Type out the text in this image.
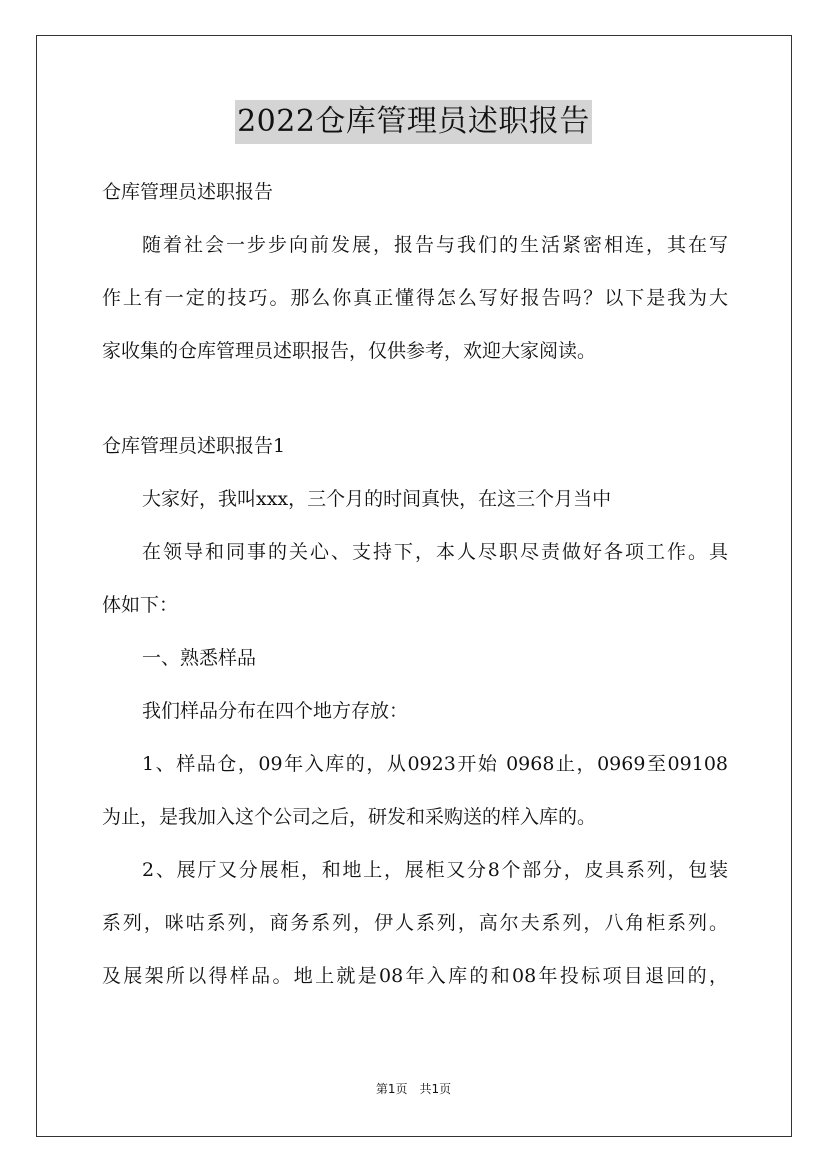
2022仓库管理员述职报告
仓库管理员述职报告
随着社会一步步向前发展，报告与我们的生活紧密相连，其在写
作上有一定的技巧。那么你真正懂得怎么写好报告吗？以下是我为大
家收集的仓库管理员述职报告，仅供参考，欢迎大家阅读。
仓库管理员述职报告1
大家好，我叫xxx，三个月的时间真快，在这三个月当中
在领导和同事的关心、支持下，本人尽职尽责做好各项工作。具
体如下：
一、熟悉样品
我们样品分布在四个地方存放：
1、样品仓，09年入库的，从0923开始 0968止，0969至09108
为止，是我加入这个公司之后，研发和采购送的样入库的。
2、展厅又分展柜，和地上，展柜又分8个部分，皮具系列，包装
系列，咪咕系列，商务系列，伊人系列，高尔夫系列，八角柜系列。
及展架所以得样品。地上就是08年入库的和08年投标项目退回的，
第1页 共1页
